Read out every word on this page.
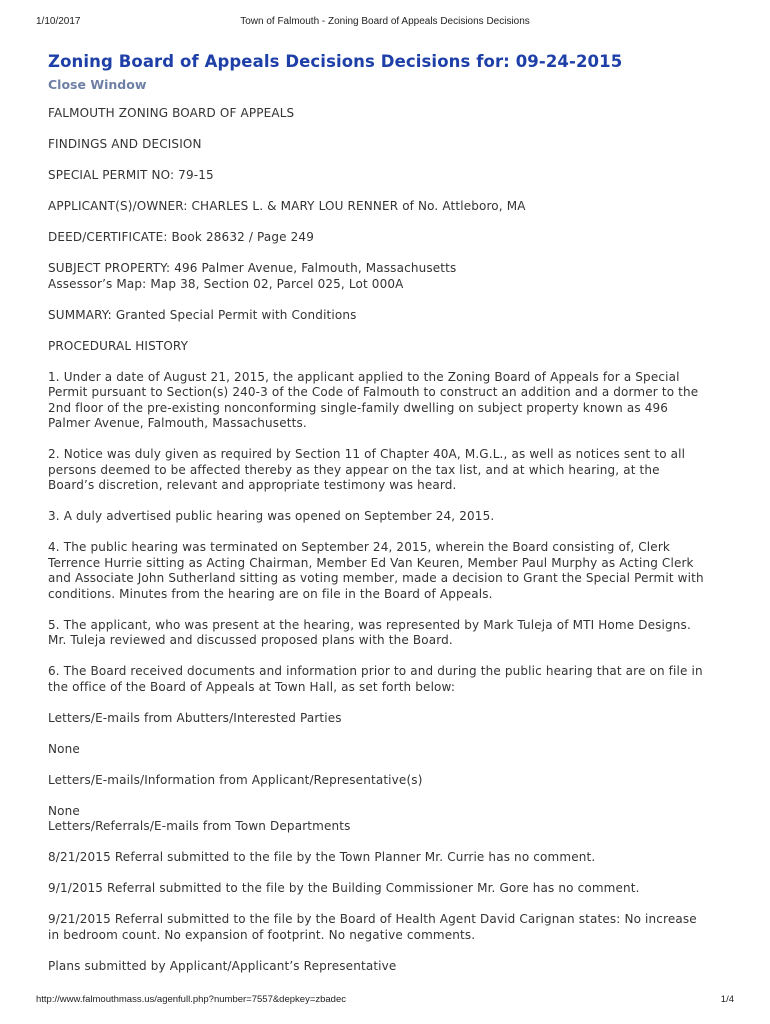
1/10/2017	Town of Falmouth - Zoning Board of Appeals Decisions Decisions
Zoning Board of Appeals Decisions Decisions for: 09-24-2015
Close Window
FALMOUTH ZONING BOARD OF APPEALS
FINDINGS AND DECISION
SPECIAL PERMIT NO: 79-15
APPLICANT(S)/OWNER: CHARLES L. & MARY LOU RENNER of No. Attleboro, MA
DEED/CERTIFICATE: Book 28632 / Page 249
SUBJECT PROPERTY: 496 Palmer Avenue, Falmouth, Massachusetts
Assessor’s Map: Map 38, Section 02, Parcel 025, Lot 000A
SUMMARY: Granted Special Permit with Conditions
PROCEDURAL HISTORY
1. Under a date of August 21, 2015, the applicant applied to the Zoning Board of Appeals for a Special
Permit pursuant to Section(s) 240-3 of the Code of Falmouth to construct an addition and a dormer to the
2nd floor of the pre-existing nonconforming single-family dwelling on subject property known as 496
Palmer Avenue, Falmouth, Massachusetts.
2. Notice was duly given as required by Section 11 of Chapter 40A, M.G.L., as well as notices sent to all
persons deemed to be affected thereby as they appear on the tax list, and at which hearing, at the
Board’s discretion, relevant and appropriate testimony was heard.
3. A duly advertised public hearing was opened on September 24, 2015.
4. The public hearing was terminated on September 24, 2015, wherein the Board consisting of, Clerk
Terrence Hurrie sitting as Acting Chairman, Member Ed Van Keuren, Member Paul Murphy as Acting Clerk
and Associate John Sutherland sitting as voting member, made a decision to Grant the Special Permit with
conditions. Minutes from the hearing are on file in the Board of Appeals.
5. The applicant, who was present at the hearing, was represented by Mark Tuleja of MTI Home Designs.
Mr. Tuleja reviewed and discussed proposed plans with the Board.
6. The Board received documents and information prior to and during the public hearing that are on file in
the office of the Board of Appeals at Town Hall, as set forth below:
Letters/E-mails from Abutters/Interested Parties
None
Letters/E-mails/Information from Applicant/Representative(s)
None
Letters/Referrals/E-mails from Town Departments
8/21/2015 Referral submitted to the file by the Town Planner Mr. Currie has no comment.
9/1/2015 Referral submitted to the file by the Building Commissioner Mr. Gore has no comment.
9/21/2015 Referral submitted to the file by the Board of Health Agent David Carignan states: No increase
in bedroom count. No expansion of footprint. No negative comments.
Plans submitted by Applicant/Applicant’s Representative
http://www.falmouthmass.us/agenfull.php?number=7557&depkey=zbadec	1/4
